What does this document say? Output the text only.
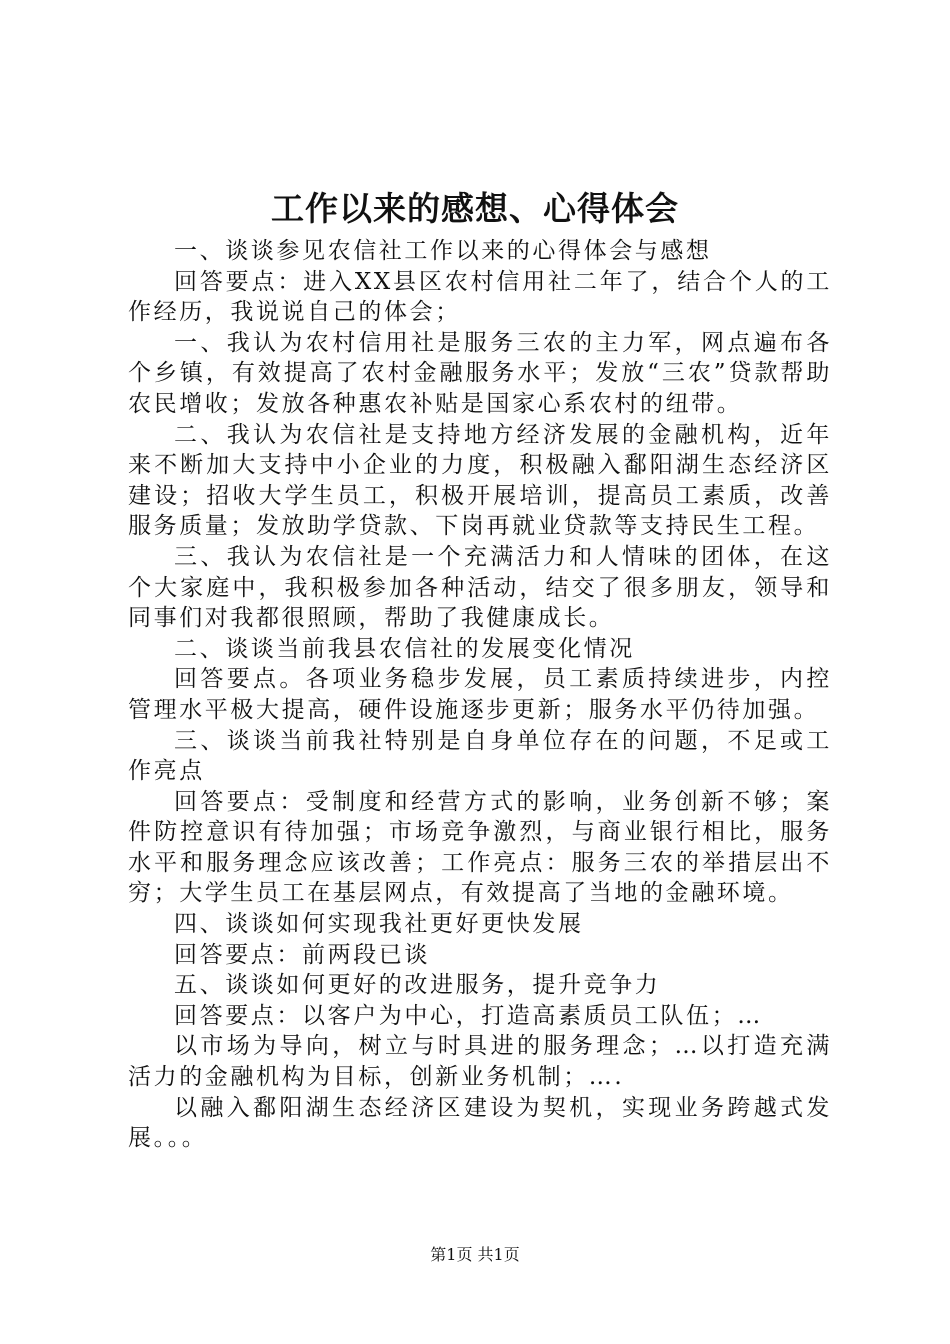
工作以来的感想、心得体会

一、谈谈参见农信社工作以来的心得体会与感想

回答要点：进入XX县区农村信用社二年了，结合个人的工作经历，我说说自己的体会；

一、我认为农村信用社是服务三农的主力军，网点遍布各个乡镇，有效提高了农村金融服务水平；发放“三农”贷款帮助农民增收；发放各种惠农补贴是国家心系农村的纽带。

二、我认为农信社是支持地方经济发展的金融机构，近年来不断加大支持中小企业的力度，积极融入鄱阳湖生态经济区建设；招收大学生员工，积极开展培训，提高员工素质，改善服务质量；发放助学贷款、下岗再就业贷款等支持民生工程。

三、我认为农信社是一个充满活力和人情味的团体，在这个大家庭中，我积极参加各种活动，结交了很多朋友，领导和同事们对我都很照顾，帮助了我健康成长。

二、谈谈当前我县农信社的发展变化情况

回答要点。各项业务稳步发展，员工素质持续进步，内控管理水平极大提高，硬件设施逐步更新；服务水平仍待加强。

三、谈谈当前我社特别是自身单位存在的问题，不足或工作亮点

回答要点：受制度和经营方式的影响，业务创新不够；案件防控意识有待加强；市场竞争激烈，与商业银行相比，服务水平和服务理念应该改善；工作亮点：服务三农的举措层出不穷；大学生员工在基层网点，有效提高了当地的金融环境。

四、谈谈如何实现我社更好更快发展

回答要点：前两段已谈

五、谈谈如何更好的改进服务，提升竞争力

回答要点：以客户为中心，打造高素质员工队伍；…

以市场为导向，树立与时具进的服务理念；…以打造充满活力的金融机构为目标，创新业务机制；….

以融入鄱阳湖生态经济区建设为契机，实现业务跨越式发展。。。

第1页 共1页
